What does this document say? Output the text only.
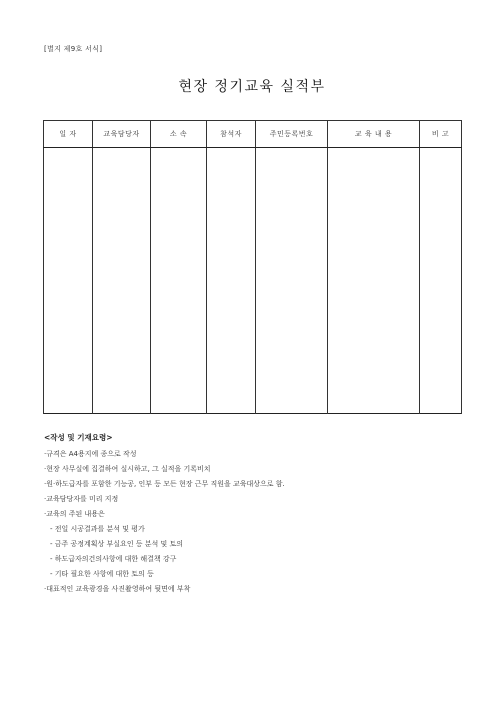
[별지 제9호 서식]
현장 정기교육 실적부
일 자	교육담당자	소 속	참석자	주민등록번호	교 육 내 용	비 고

<작성 및 기재요령>
·규격은 A4용지에 종으로 작성
·현장 사무실에 집결하여 실시하고, 그 실적을 기록비치
·원·하도급자를 포함한 기능공, 인부 등 모든 현장 근무 직원을 교육대상으로 함.
·교육담당자를 미리 지정
·교육의 주된 내용은
- 전일 시공결과를 분석 및 평가
- 금주 공정계획상 부실요인 등 분석 및 토의
- 하도급자의건의사항에 대한 해결책 강구
- 기타 필요한 사항에 대한 토의 등
·대표적인 교육광경을 사진촬영하여 뒷면에 부착
